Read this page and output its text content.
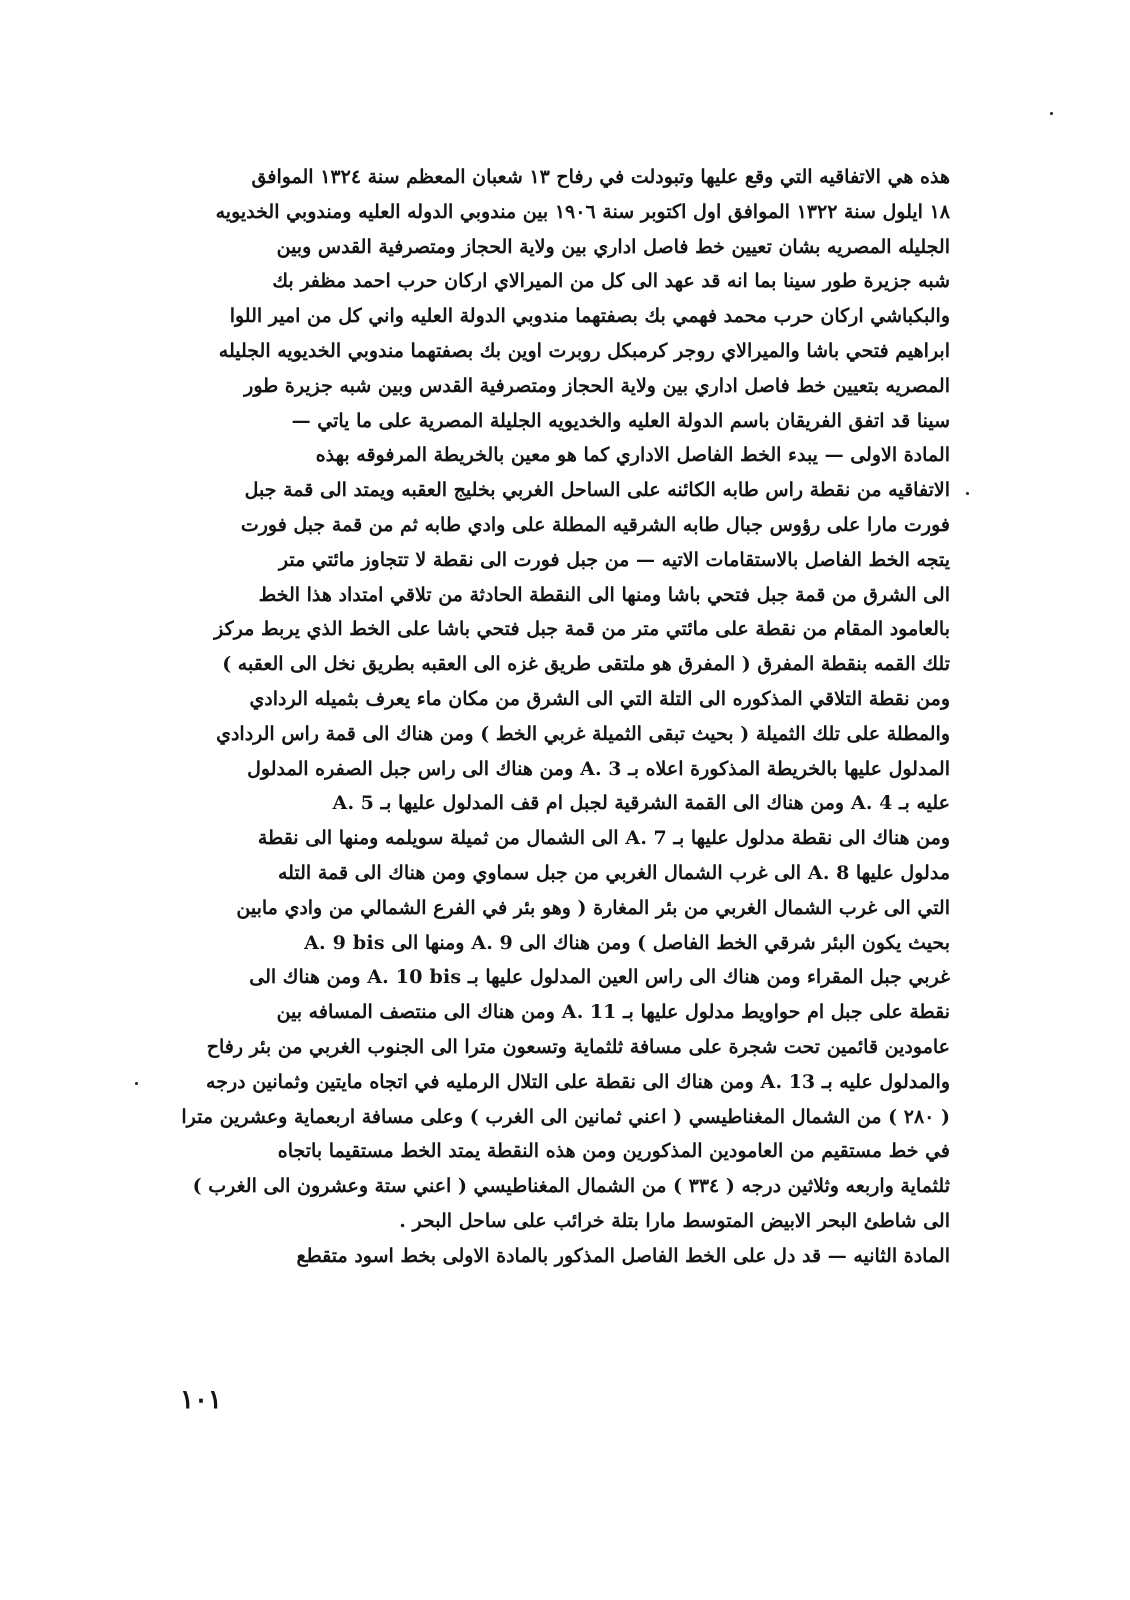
هذه هي الاتفاقيه التي وقع عليها وتبودلت في رفاح ١٣ شعبان المعظم سنة ١٣٢٤ الموافق
١٨ ايلول سنة ١٣٢٢ الموافق اول اكتوبر سنة ١٩٠٦ بين مندوبي الدوله العليه ومندوبي الخديويه
الجليله المصريه بشان تعيين خط فاصل اداري بين ولاية الحجاز ومتصرفية القدس وبين
شبه جزيرة طور سينا بما انه قد عهد الى كل من الميرالاي اركان حرب احمد مظفر بك
والبكباشي اركان حرب محمد فهمي بك بصفتهما مندوبي الدولة العليه واني كل من امير اللوا
ابراهيم فتحي باشا والميرالاي روجر كرمبكل روبرت اوين بك بصفتهما مندوبي الخديويه الجليله
المصريه بتعيين خط فاصل اداري بين ولاية الحجاز ومتصرفية القدس وبين شبه جزيرة طور
سينا قد اتفق الفريقان باسم الدولة العليه والخديويه الجليلة المصرية على ما ياتي —
المادة الاولى — يبدء الخط الفاصل الاداري كما هو معين بالخريطة المرفوقه بهذه
الاتفاقيه من نقطة راس طابه الكائنه على الساحل الغربي بخليج العقبه ويمتد الى قمة جبل
فورت مارا على رؤوس جبال طابه الشرقيه المطلة على وادي طابه ثم من قمة جبل فورت
يتجه الخط الفاصل بالاستقامات الاتيه — من جبل فورت الى نقطة لا تتجاوز مائتي متر
الى الشرق من قمة جبل فتحي باشا ومنها الى النقطة الحادثة من تلاقي امتداد هذا الخط
بالعامود المقام من نقطة على مائتي متر من قمة جبل فتحي باشا على الخط الذي يربط مركز
تلك القمه بنقطة المفرق ( المفرق هو ملتقى طريق غزه الى العقبه بطريق نخل الى العقبه )
ومن نقطة التلاقي المذكوره الى التلة التي الى الشرق من مكان ماء يعرف بثميله الردادي
والمطلة على تلك الثميلة ( بحيث تبقى الثميلة غربي الخط ) ومن هناك الى قمة راس الردادي
المدلول عليها بالخريطة المذكورة اعلاه بـ 3 .A ومن هناك الى راس جبل الصفره المدلول
عليه بـ 4 .A ومن هناك الى القمة الشرقية لجبل ام قف المدلول عليها بـ 5 .A
ومن هناك الى نقطة مدلول عليها بـ 7 .A الى الشمال من ثميلة سويلمه ومنها الى نقطة
مدلول عليها 8 .A الى غرب الشمال الغربي من جبل سماوي ومن هناك الى قمة التله
التي الى غرب الشمال الغربي من بئر المغارة ( وهو بئر في الفرع الشمالي من وادي مابين
بحيث يكون البئر شرقي الخط الفاصل ) ومن هناك الى 9 .A ومنها الى A. 9 bis
غربي جبل المقراء ومن هناك الى راس العين المدلول عليها بـ A. 10 bis ومن هناك الى
نقطة على جبل ام حواويط مدلول عليها بـ 11 .A ومن هناك الى منتصف المسافه بين
عامودين قائمين تحت شجرة على مسافة ثلثماية وتسعون مترا الى الجنوب الغربي من بئر رفاح
والمدلول عليه بـ 13 .A ومن هناك الى نقطة على التلال الرمليه في اتجاه مايتين وثمانين درجه
( ٢٨٠ ) من الشمال المغناطيسي ( اعني ثمانين الى الغرب ) وعلى مسافة اربعماية وعشرين مترا
في خط مستقيم من العامودين المذكورين ومن هذه النقطة يمتد الخط مستقيما باتجاه
ثلثماية واربعه وثلاثين درجه ( ٣٣٤ ) من الشمال المغناطيسي ( اعني ستة وعشرون الى الغرب )
الى شاطئ البحر الابيض المتوسط مارا بتلة خرائب على ساحل البحر .
المادة الثانيه — قد دل على الخط الفاصل المذكور بالمادة الاولى بخط اسود متقطع
١٠١
